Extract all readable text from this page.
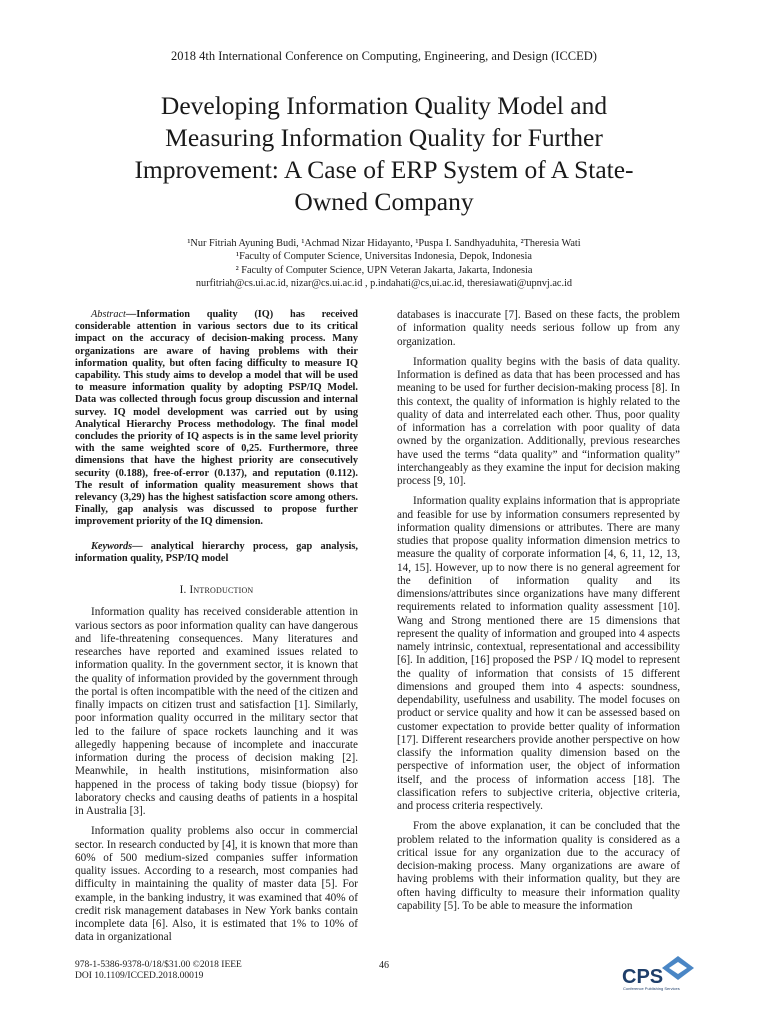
2018 4th International Conference on Computing, Engineering, and Design (ICCED)
Developing Information Quality Model and
Measuring Information Quality for Further
Improvement: A Case of ERP System of A State-
Owned Company
¹Nur Fitriah Ayuning Budi, ¹Achmad Nizar Hidayanto, ¹Puspa I. Sandhyaduhita, ²Theresia Wati
¹Faculty of Computer Science, Universitas Indonesia, Depok, Indonesia
² Faculty of Computer Science, UPN Veteran Jakarta, Jakarta, Indonesia
nurfitriah@cs.ui.ac.id, nizar@cs.ui.ac.id , p.indahati@cs,ui.ac.id, theresiawati@upnvj.ac.id

Abstract—Information quality (IQ) has received considerable attention in various sectors due to its critical impact on the accuracy of decision-making process. Many organizations are aware of having problems with their information quality, but often facing difficulty to measure IQ capability. This study aims to develop a model that will be used to measure information quality by adopting PSP/IQ Model. Data was collected through focus group discussion and internal survey. IQ model development was carried out by using Analytical Hierarchy Process methodology. The final model concludes the priority of IQ aspects is in the same level priority with the same weighted score of 0,25. Furthermore, three dimensions that have the highest priority are consecutively security (0.188), free-of-error (0.137), and reputation (0.112). The result of information quality measurement shows that relevancy (3,29) has the highest satisfaction score among others. Finally, gap analysis was discussed to propose further improvement priority of the IQ dimension.

Keywords— analytical hierarchy process, gap analysis, information quality, PSP/IQ model

I. Introduction

Information quality has received considerable attention in various sectors as poor information quality can have dangerous and life-threatening consequences. Many literatures and researches have reported and examined issues related to information quality. In the government sector, it is known that the quality of information provided by the government through the portal is often incompatible with the need of the citizen and finally impacts on citizen trust and satisfaction [1]. Similarly, poor information quality occurred in the military sector that led to the failure of space rockets launching and it was allegedly happening because of incomplete and inaccurate information during the process of decision making [2]. Meanwhile, in health institutions, misinformation also happened in the process of taking body tissue (biopsy) for laboratory checks and causing deaths of patients in a hospital in Australia [3].

Information quality problems also occur in commercial sector. In research conducted by [4], it is known that more than 60% of 500 medium-sized companies suffer information quality issues. According to a research, most companies had difficulty in maintaining the quality of master data [5]. For example, in the banking industry, it was examined that 40% of credit risk management databases in New York banks contain incomplete data [6]. Also, it is estimated that 1% to 10% of data in organizational

databases is inaccurate [7]. Based on these facts, the problem of information quality needs serious follow up from any organization.

Information quality begins with the basis of data quality. Information is defined as data that has been processed and has meaning to be used for further decision-making process [8]. In this context, the quality of information is highly related to the quality of data and interrelated each other. Thus, poor quality of information has a correlation with poor quality of data owned by the organization. Additionally, previous researches have used the terms “data quality” and “information quality” interchangeably as they examine the input for decision making process [9, 10].

Information quality explains information that is appropriate and feasible for use by information consumers represented by information quality dimensions or attributes. There are many studies that propose quality information dimension metrics to measure the quality of corporate information [4, 6, 11, 12, 13, 14, 15]. However, up to now there is no general agreement for the definition of information quality and its dimensions/attributes since organizations have many different requirements related to information quality assessment [10]. Wang and Strong mentioned there are 15 dimensions that represent the quality of information and grouped into 4 aspects namely intrinsic, contextual, representational and accessibility [6]. In addition, [16] proposed the PSP / IQ model to represent the quality of information that consists of 15 different dimensions and grouped them into 4 aspects: soundness, dependability, usefulness and usability. The model focuses on product or service quality and how it can be assessed based on customer expectation to provide better quality of information [17]. Different researchers provide another perspective on how classify the information quality dimension based on the perspective of information user, the object of information itself, and the process of information access [18]. The classification refers to subjective criteria, objective criteria, and process criteria respectively.

From the above explanation, it can be concluded that the problem related to the information quality is considered as a critical issue for any organization due to the accuracy of decision-making process. Many organizations are aware of having problems with their information quality, but they are often having difficulty to measure their information quality capability [5]. To be able to measure the information

978-1-5386-9378-0/18/$31.00 ©2018 IEEE
DOI 10.1109/ICCED.2018.00019
46
CPS
Conference Publishing Services
